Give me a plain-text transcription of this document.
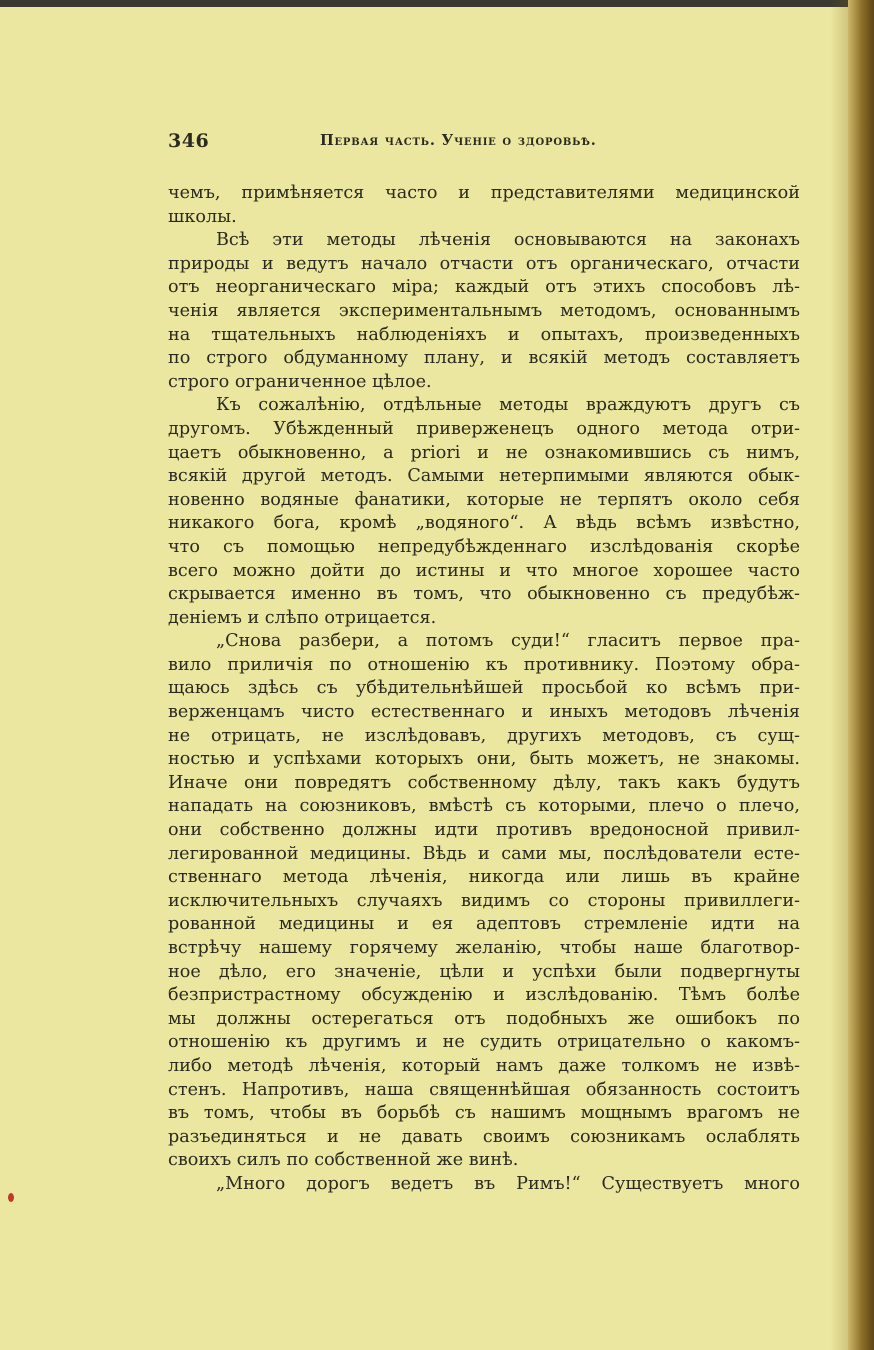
346	Первая часть. Ученіе о здоровьѣ.
чемъ, примѣняется часто и представителями медицинской
школы.
Всѣ эти методы лѣченія основываются на законахъ
природы и ведутъ начало отчасти отъ органическаго, отчасти
отъ неорганическаго міра; каждый отъ этихъ способовъ лѣ-
ченія является экспериментальнымъ методомъ, основаннымъ
на тщательныхъ наблюденіяхъ и опытахъ, произведенныхъ
по строго обдуманному плану, и всякій методъ составляетъ
строго ограниченное цѣлое.
Къ сожалѣнію, отдѣльные методы враждуютъ другъ съ
другомъ. Убѣжденный приверженецъ одного метода отри-
цаетъ обыкновенно, a priori и не ознакомившись съ нимъ,
всякій другой методъ. Самыми нетерпимыми являются обык-
новенно водяные фанатики, которые не терпятъ около себя
никакого бога, кромѣ „водяного“. А вѣдь всѣмъ извѣстно,
что съ помощью непредубѣжденнаго изслѣдованія скорѣе
всего можно дойти до истины и что многое хорошее часто
скрывается именно въ томъ, что обыкновенно съ предубѣж-
деніемъ и слѣпо отрицается.
„Снова разбери, а потомъ суди!“ гласитъ первое пра-
вило приличія по отношенію къ противнику. Поэтому обра-
щаюсь здѣсь съ убѣдительнѣйшей просьбой ко всѣмъ при-
верженцамъ чисто естественнаго и иныхъ методовъ лѣченія
не отрицать, не изслѣдовавъ, другихъ методовъ, съ сущ-
ностью и успѣхами которыхъ они, быть можетъ, не знакомы.
Иначе они повредятъ собственному дѣлу, такъ какъ будутъ
нападать на союзниковъ, вмѣстѣ съ которыми, плечо о плечо,
они собственно должны идти противъ вредоносной привил-
легированной медицины. Вѣдь и сами мы, послѣдователи есте-
ственнаго метода лѣченія, никогда или лишь въ крайне
исключительныхъ случаяхъ видимъ со стороны привиллеги-
рованной медицины и ея адептовъ стремленіе идти на
встрѣчу нашему горячему желанію, чтобы наше благотвор-
ное дѣло, его значеніе, цѣли и успѣхи были подвергнуты
безпристрастному обсужденію и изслѣдованію. Тѣмъ болѣе
мы должны остерегаться отъ подобныхъ же ошибокъ по
отношенію къ другимъ и не судить отрицательно о какомъ-
либо методѣ лѣченія, который намъ даже толкомъ не извѣ-
стенъ. Напротивъ, наша священнѣйшая обязанность состоитъ
въ томъ, чтобы въ борьбѣ съ нашимъ мощнымъ врагомъ не
разъединяться и не давать своимъ союзникамъ ослаблять
своихъ силъ по собственной же винѣ.
„Много дорогъ ведетъ въ Римъ!“ Существуетъ много
